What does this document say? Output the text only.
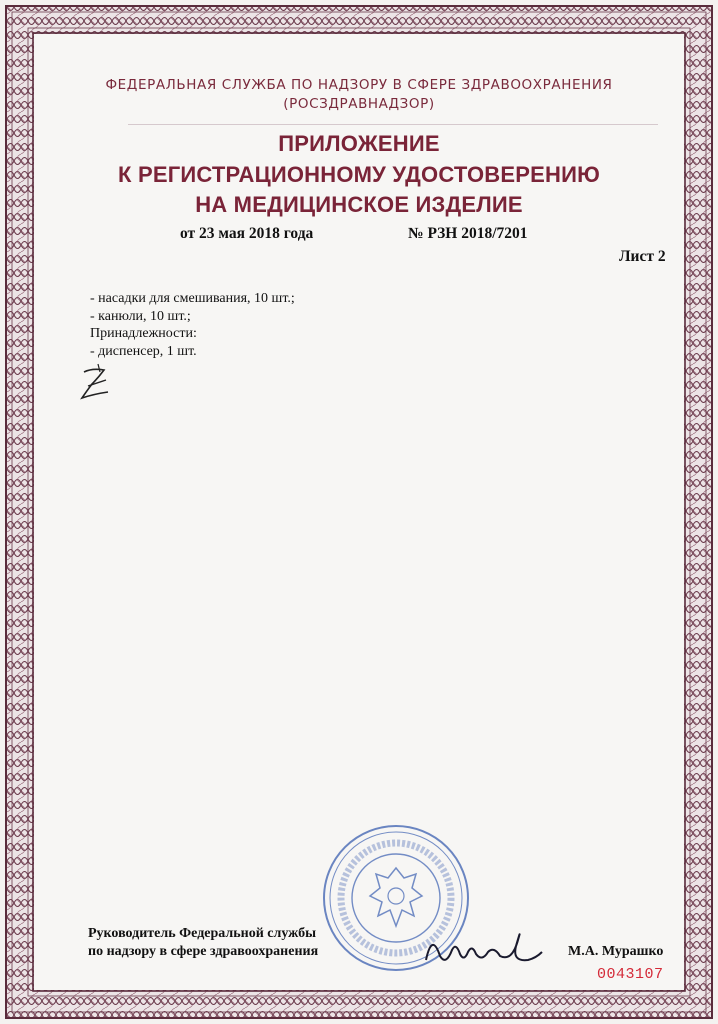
ФЕДЕРАЛЬНАЯ СЛУЖБА ПО НАДЗОРУ В СФЕРЕ ЗДРАВООХРАНЕНИЯ
(РОСЗДРАВНАДЗОР)
ПРИЛОЖЕНИЕ
К РЕГИСТРАЦИОННОМУ УДОСТОВЕРЕНИЮ
НА МЕДИЦИНСКОЕ ИЗДЕЛИЕ
от 23 мая 2018 года	№ РЗН 2018/7201
Лист 2
- насадки для смешивания, 10 шт.;
- канюли, 10 шт.;
Принадлежности:
- диспенсер, 1 шт.
Руководитель Федеральной службы
по надзору в сфере здравоохранения	М.А. Мурашко
0043107
